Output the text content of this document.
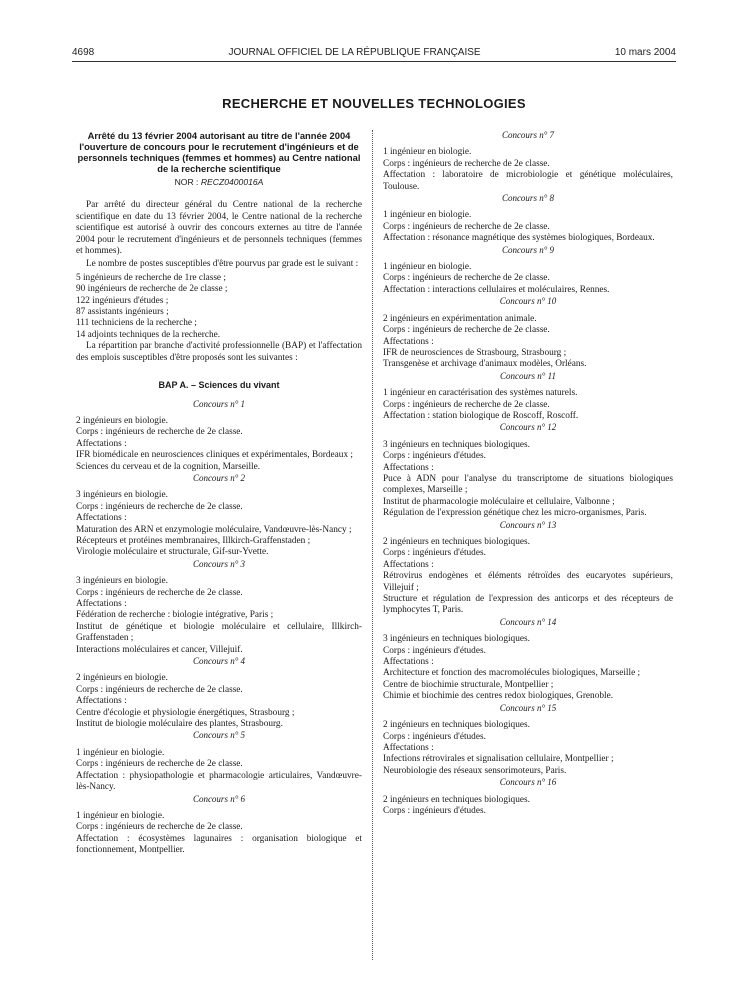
4698	JOURNAL OFFICIEL DE LA RÉPUBLIQUE FRANÇAISE	10 mars 2004
RECHERCHE ET NOUVELLES TECHNOLOGIES
Arrêté du 13 février 2004 autorisant au titre de l'année 2004 l'ouverture de concours pour le recrutement d'ingénieurs et de personnels techniques (femmes et hommes) au Centre national de la recherche scientifique
NOR : RECZ0400016A

Par arrêté du directeur général du Centre national de la recherche scientifique en date du 13 février 2004, le Centre national de la recherche scientifique est autorisé à ouvrir des concours externes au titre de l'année 2004 pour le recrutement d'ingénieurs et de personnels techniques (femmes et hommes).

Le nombre de postes susceptibles d'être pourvus par grade est le suivant :

5 ingénieurs de recherche de 1re classe ;
90 ingénieurs de recherche de 2e classe ;
122 ingénieurs d'études ;
87 assistants ingénieurs ;
111 techniciens de la recherche ;
14 adjoints techniques de la recherche.

La répartition par branche d'activité professionnelle (BAP) et l'affectation des emplois susceptibles d'être proposés sont les suivantes :

BAP A. – Sciences du vivant
Concours n° 1
2 ingénieurs en biologie.
Corps : ingénieurs de recherche de 2e classe.
Affectations :
IFR biomédicale en neurosciences cliniques et expérimentales, Bordeaux ;
Sciences du cerveau et de la cognition, Marseille.
Concours n° 2
3 ingénieurs en biologie.
Corps : ingénieurs de recherche de 2e classe.
Affectations :
Maturation des ARN et enzymologie moléculaire, Vandœuvre-lès-Nancy ;
Récepteurs et protéines membranaires, Illkirch-Graffenstaden ;
Virologie moléculaire et structurale, Gif-sur-Yvette.
Concours n° 3
3 ingénieurs en biologie.
Corps : ingénieurs de recherche de 2e classe.
Affectations :
Fédération de recherche : biologie intégrative, Paris ;
Institut de génétique et biologie moléculaire et cellulaire, Illkirch-Graffenstaden ;
Interactions moléculaires et cancer, Villejuif.
Concours n° 4
2 ingénieurs en biologie.
Corps : ingénieurs de recherche de 2e classe.
Affectations :
Centre d'écologie et physiologie énergétiques, Strasbourg ;
Institut de biologie moléculaire des plantes, Strasbourg.
Concours n° 5
1 ingénieur en biologie.
Corps : ingénieurs de recherche de 2e classe.
Affectation : physiopathologie et pharmacologie articulaires, Vandœuvre-lès-Nancy.
Concours n° 6
1 ingénieur en biologie.
Corps : ingénieurs de recherche de 2e classe.
Affectation : écosystèmes lagunaires : organisation biologique et fonctionnement, Montpellier.
Concours n° 7
1 ingénieur en biologie.
Corps : ingénieurs de recherche de 2e classe.
Affectation : laboratoire de microbiologie et génétique moléculaires, Toulouse.
Concours n° 8
1 ingénieur en biologie.
Corps : ingénieurs de recherche de 2e classe.
Affectation : résonance magnétique des systèmes biologiques, Bordeaux.
Concours n° 9
1 ingénieur en biologie.
Corps : ingénieurs de recherche de 2e classe.
Affectation : interactions cellulaires et moléculaires, Rennes.
Concours n° 10
2 ingénieurs en expérimentation animale.
Corps : ingénieurs de recherche de 2e classe.
Affectations :
IFR de neurosciences de Strasbourg, Strasbourg ;
Transgenèse et archivage d'animaux modèles, Orléans.
Concours n° 11
1 ingénieur en caractérisation des systèmes naturels.
Corps : ingénieurs de recherche de 2e classe.
Affectation : station biologique de Roscoff, Roscoff.
Concours n° 12
3 ingénieurs en techniques biologiques.
Corps : ingénieurs d'études.
Affectations :
Puce à ADN pour l'analyse du transcriptome de situations biologiques complexes, Marseille ;
Institut de pharmacologie moléculaire et cellulaire, Valbonne ;
Régulation de l'expression génétique chez les micro-organismes, Paris.
Concours n° 13
2 ingénieurs en techniques biologiques.
Corps : ingénieurs d'études.
Affectations :
Rétrovirus endogènes et éléments rétroïdes des eucaryotes supérieurs, Villejuif ;
Structure et régulation de l'expression des anticorps et des récepteurs de lymphocytes T, Paris.
Concours n° 14
3 ingénieurs en techniques biologiques.
Corps : ingénieurs d'études.
Affectations :
Architecture et fonction des macromolécules biologiques, Marseille ;
Centre de biochimie structurale, Montpellier ;
Chimie et biochimie des centres redox biologiques, Grenoble.
Concours n° 15
2 ingénieurs en techniques biologiques.
Corps : ingénieurs d'études.
Affectations :
Infections rétrovirales et signalisation cellulaire, Montpellier ;
Neurobiologie des réseaux sensorimoteurs, Paris.
Concours n° 16
2 ingénieurs en techniques biologiques.
Corps : ingénieurs d'études.
